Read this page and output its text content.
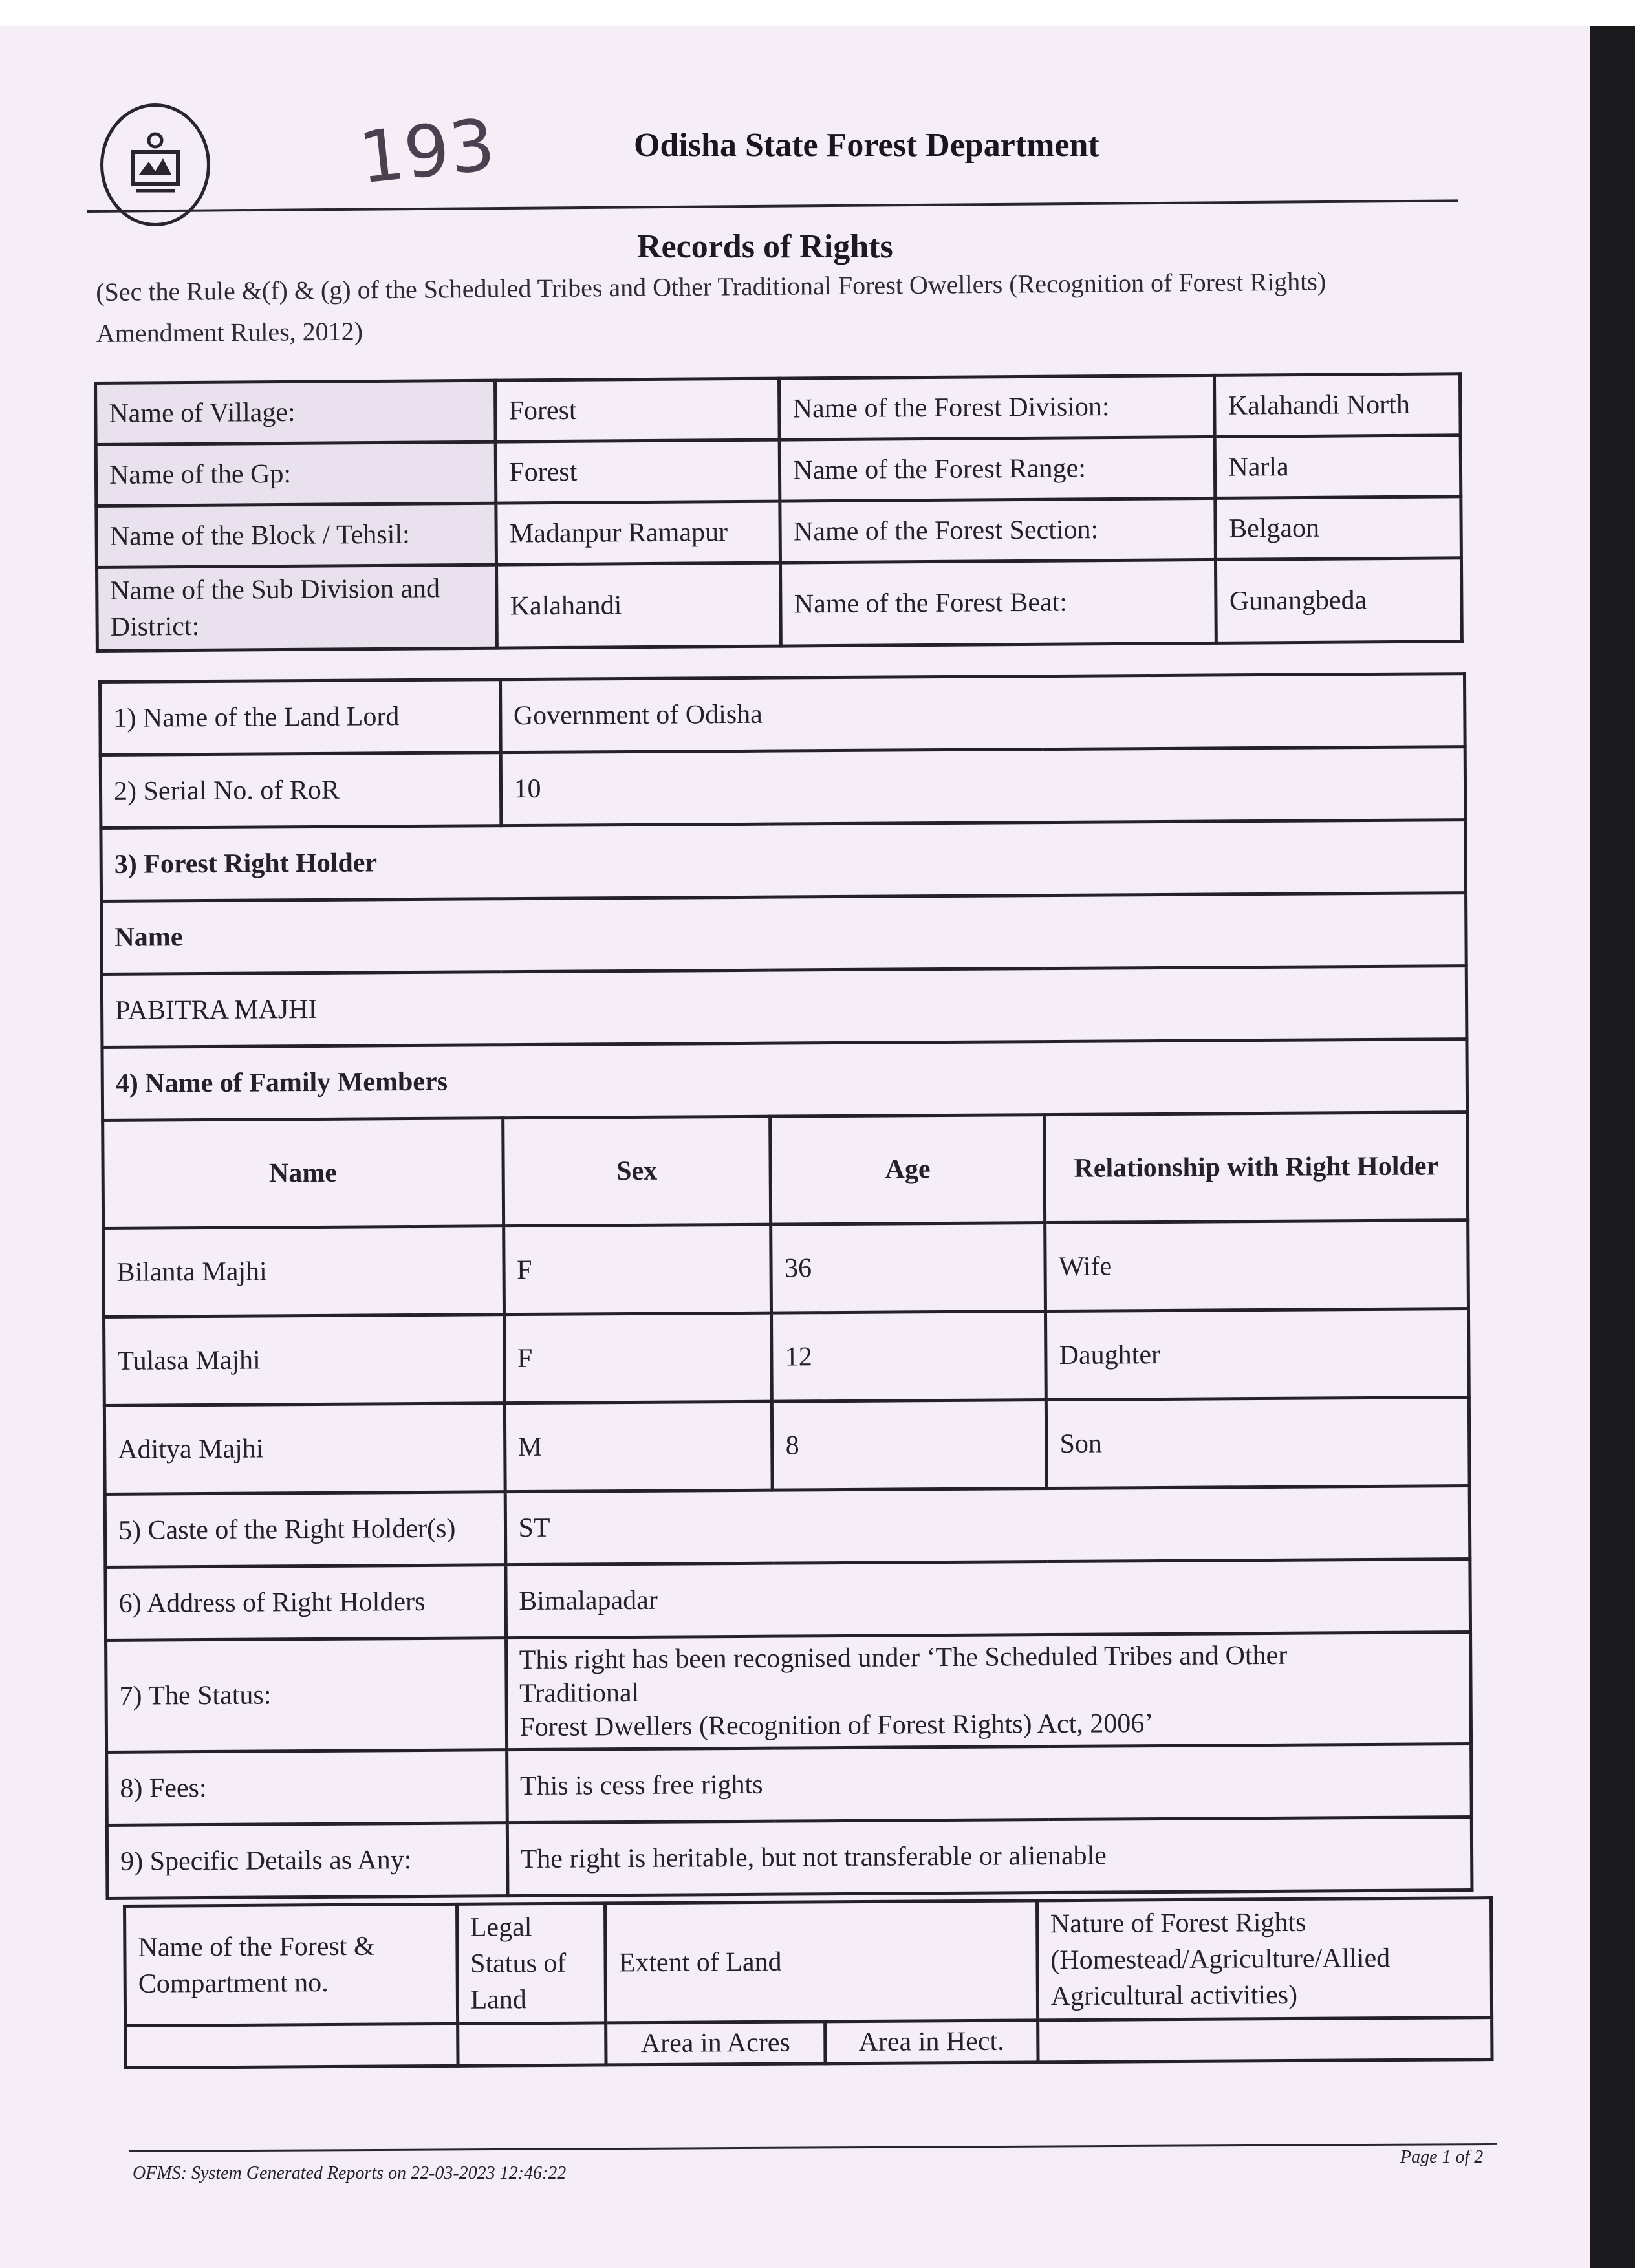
193	Odisha State Forest Department
Records of Rights
(Sec the Rule &(f) & (g) of the Scheduled Tribes and Other Traditional Forest Owellers (Recognition of Forest Rights) Amendment Rules, 2012)
Name of Village:	Forest	Name of the Forest Division:	Kalahandi North
Name of the Gp:	Forest	Name of the Forest Range:	Narla
Name of the Block / Tehsil:	Madanpur Ramapur	Name of the Forest Section:	Belgaon
Name of the Sub Division and District:	Kalahandi	Name of the Forest Beat:	Gunangbeda
1) Name of the Land Lord	Government of Odisha		
2) Serial No. of RoR	10		
3) Forest Right Holder			
Name			
PABITRA MAJHI			
4) Name of Family Members			
Name	Sex	Age	Relationship with Right Holder
Bilanta Majhi	F	36	Wife
Tulasa Majhi	F	12	Daughter
Aditya Majhi	M	8	Son
5) Caste of the Right Holder(s)	ST		
6) Address of Right Holders	Bimalapadar		
7) The Status:	This right has been recognised under ‘The Scheduled Tribes and Other
Traditional
Forest Dwellers (Recognition of Forest Rights) Act, 2006’		

8) Fees:	This is cess free rights		
9) Specific Details as Any:	The right is heritable, but not transferable or alienable		
Name of the Forest & Compartment no.	Legal Status of Land	Extent of Land		Nature of Forest Rights (Homestead/Agriculture/Allied Agricultural activities)
		Area in Acres	Area in Hect.	
OFMS: System Generated Reports on 22-03-2023 12:46:22
Page 1 of 2
